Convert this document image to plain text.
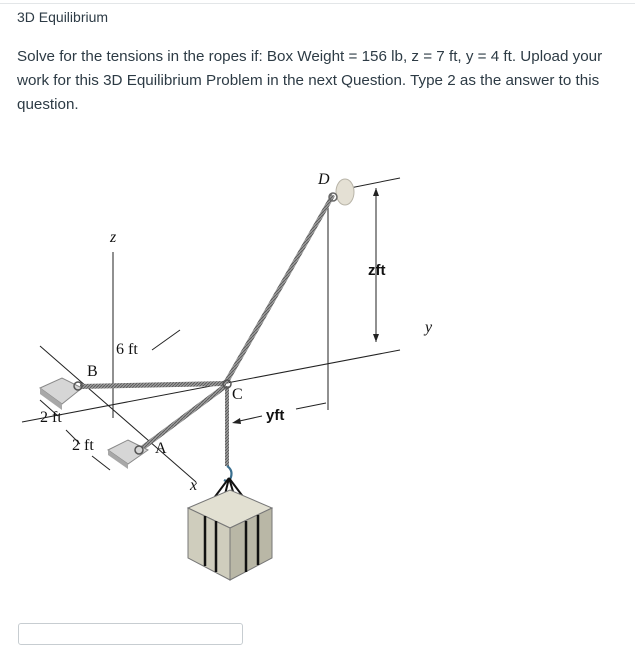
3D Equilibrium
Solve for the tensions in the ropes if: Box Weight = 156 lb, z = 7 ft, y = 4 ft. Upload your work for this 3D Equilibrium Problem in the next Question. Type 2 as the answer to this question.
z
y
x
B
A
C
D
6 ft
2 ft
2 ft
zft
yft
